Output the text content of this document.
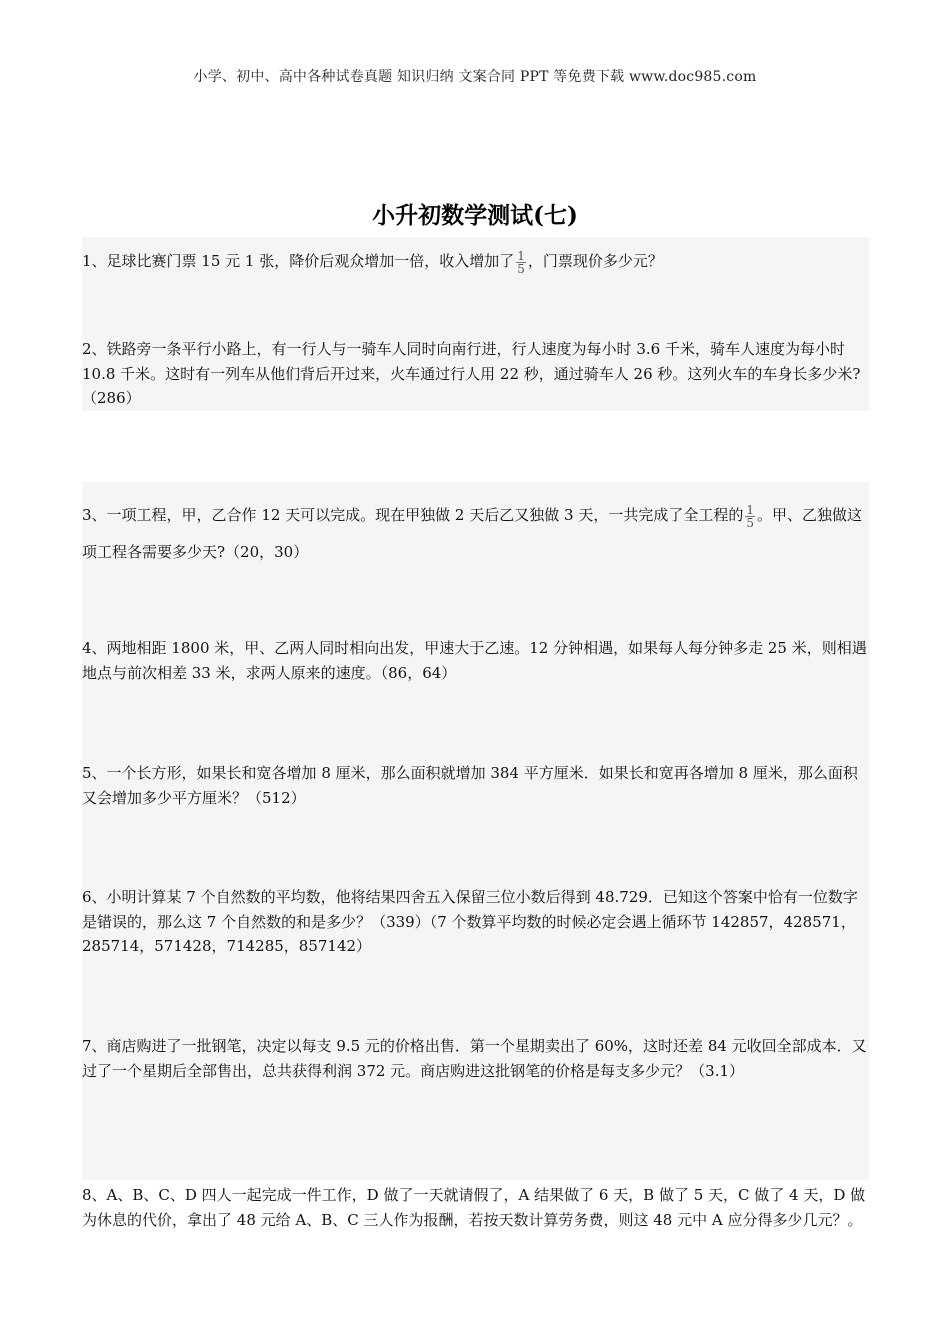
小学、初中、高中各种试卷真题 知识归纳 文案合同 PPT 等免费下载 www.doc985.com
小升初数学测试(七)
1、足球比赛门票 15 元 1 张，降价后观众增加一倍，收入增加了 $\frac{1}{5}$ ，门票现价多少元？
2、铁路旁一条平行小路上，有一行人与一骑车人同时向南行进，行人速度为每小时 3.6 千米，骑车人速度为每小时 10.8 千米。这时有一列车从他们背后开过来，火车通过行人用 22 秒，通过骑车人 26 秒。这列火车的车身长多少米?（286）
3、一项工程，甲，乙合作 12 天可以完成。现在甲独做 2 天后乙又独做 3 天，一共完成了全工程的 $\frac{1}{5}$ 。甲、乙独做这项工程各需要多少天?（20，30）
4、两地相距 1800 米，甲、乙两人同时相向出发，甲速大于乙速。12 分钟相遇，如果每人每分钟多走 25 米，则相遇地点与前次相差 33 米，求两人原来的速度。（86，64）
5、一个长方形，如果长和宽各增加 8 厘米，那么面积就增加 384 平方厘米．如果长和宽再各增加 8 厘米，那么面积又会增加多少平方厘米？（512）
6、小明计算某 7 个自然数的平均数，他将结果四舍五入保留三位小数后得到 48.729．已知这个答案中恰有一位数字是错误的，那么这 7 个自然数的和是多少？（339）（7 个数算平均数的时候必定会遇上循环节 142857，428571，285714，571428，714285，857142）
7、商店购进了一批钢笔，决定以每支 9.5 元的价格出售．第一个星期卖出了 60%，这时还差 84 元收回全部成本．又过了一个星期后全部售出，总共获得利润 372 元。商店购进这批钢笔的价格是每支多少元？（3.1）
8、A、B、C、D 四人一起完成一件工作，D 做了一天就请假了，A 结果做了 6 天，B 做了 5 天，C 做了 4 天，D 做为休息的代价，拿出了 48 元给 A、B、C 三人作为报酬，若按天数计算劳务费，则这 48 元中 A 应分得多少几元？。
